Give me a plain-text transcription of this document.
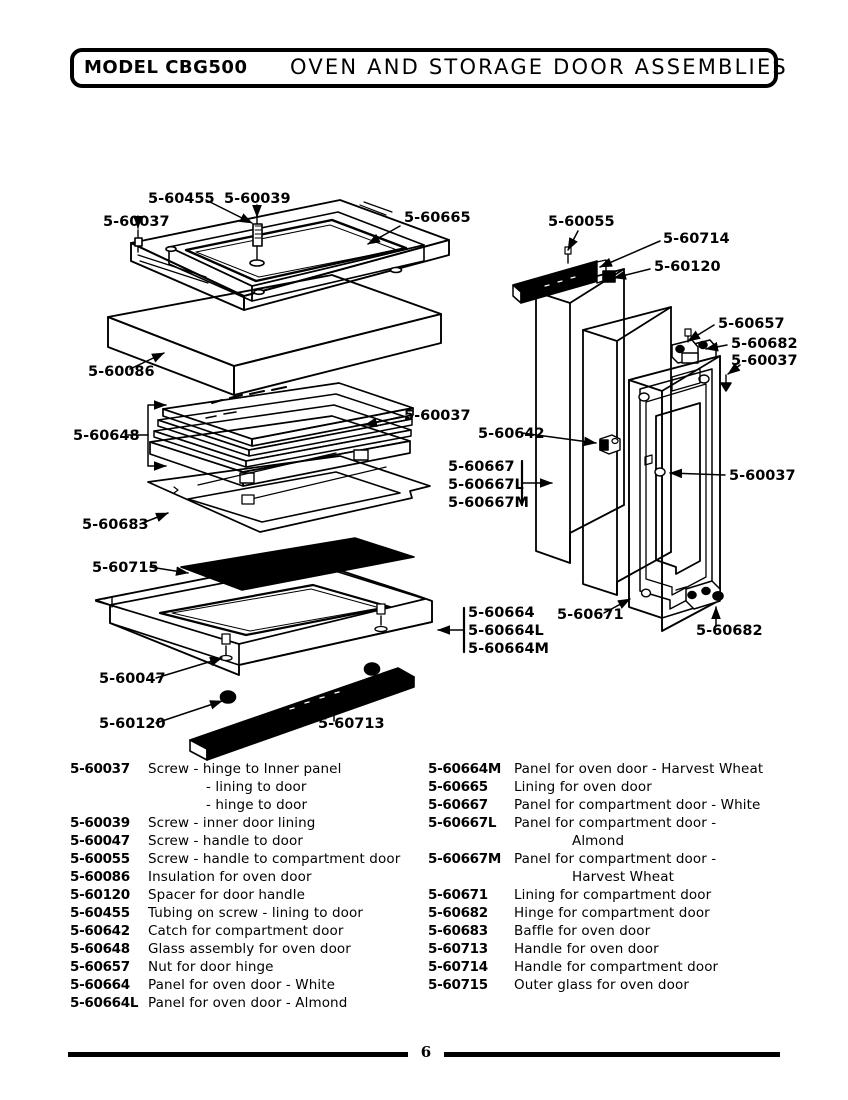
MODEL CBG500 OVEN AND STORAGE DOOR ASSEMBLIES
5-60455 5-60039
5-60037	5-60665
5-60086
5-60648
5-60037
5-60683
5-60715
5-60664
5-60664L
5-60664M
5-60047
5-60120	5-60713
5-60055
5-60714
5-60120
5-60657
5-60682
5-60037
5-60642
5-60667
5-60667L
5-60667M
5-60037
5-60671
5-60682
5-60037	Screw - hinge to Inner panel
- lining to door
- hinge to door
5-60039	Screw - inner door lining
5-60047	Screw - handle to door
5-60055	Screw - handle to compartment door
5-60086	Insulation for oven door
5-60120	Spacer for door handle
5-60455	Tubing on screw - lining to door
5-60642	Catch for compartment door
5-60648	Glass assembly for oven door
5-60657	Nut for door hinge
5-60664	Panel for oven door - White
5-60664L Panel for oven door - Almond
5-60664M Panel for oven door - Harvest Wheat
5-60665	Lining for oven door
5-60667	Panel for compartment door - White
5-60667L	Panel for compartment door -
Almond
5-60667M Panel for compartment door -
Harvest Wheat
5-60671	Lining for compartment door
5-60682	Hinge for compartment door
5-60683	Baffle for oven door
5-60713	Handle for oven door
5-60714	Handle for compartment door
5-60715	Outer glass for oven door
6
